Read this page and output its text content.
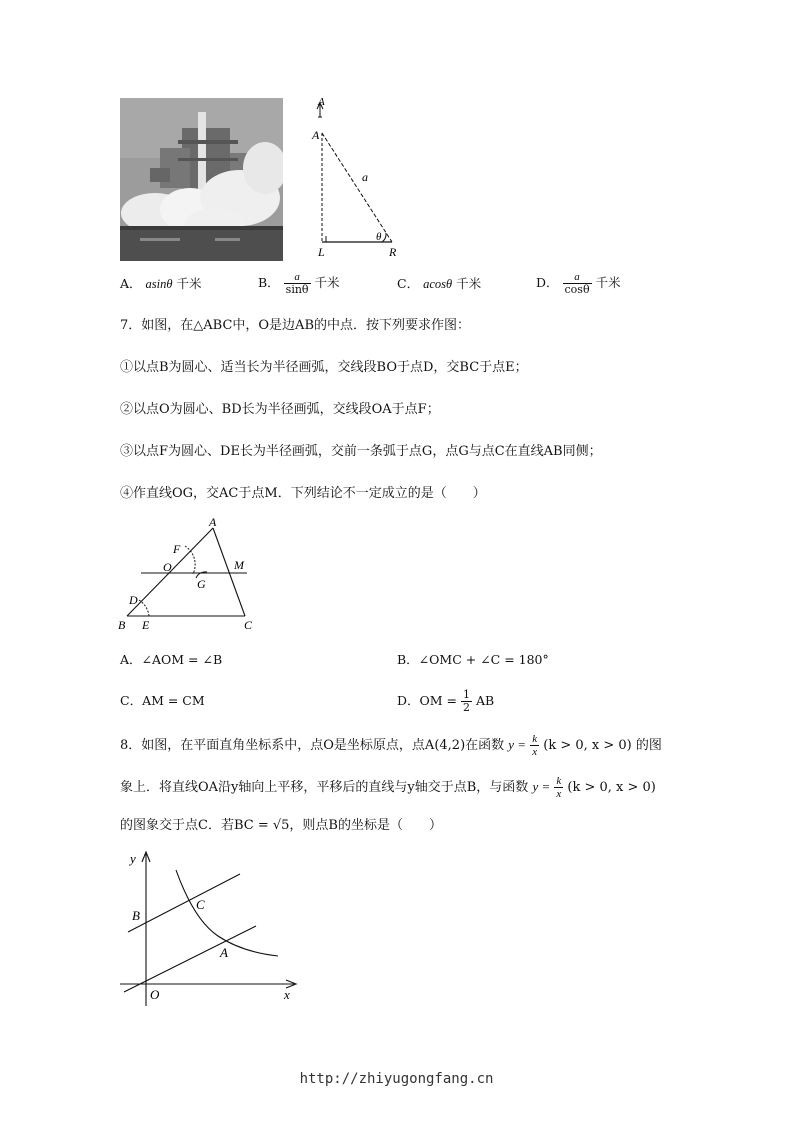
A
A
a
θ
L	R
A． asinθ 千米	B． $\frac{a}{\sin\theta}$ 千米	C． acosθ 千米	D． $\frac{a}{\cos\theta}$ 千米
7．如图，在△ABC中，O是边AB的中点．按下列要求作图：
①以点B为圆心、适当长为半径画弧，交线段BO于点D，交BC于点E；
②以点O为圆心、BD长为半径画弧，交线段OA于点F；
③以点F为圆心、DE长为半径画弧，交前一条弧于点G，点G与点C在直线AB同侧；
④作直线OG，交AC于点M．下列结论不一定成立的是（　　）
A
F
O
G
M
D
B E	C
A．∠AOM = ∠B	B．∠OMC + ∠C = 180°
C．AM = CM	D．OM = $\frac{1}{2}$ AB
8．如图，在平面直角坐标系中，点O是坐标原点，点A(4,2)在函数 $y = \frac{k}{x} (k > 0$, x > 0) 的图
象上．将直线OA沿y轴向上平移，平移后的直线与y轴交于点B，与函数 $y = \frac{k}{x} (k > 0$, x > 0)
的图象交于点C．若BC = √5，则点B的坐标是（　　）
y
x
B
C
A
O
http://zhiyugongfang.cn
